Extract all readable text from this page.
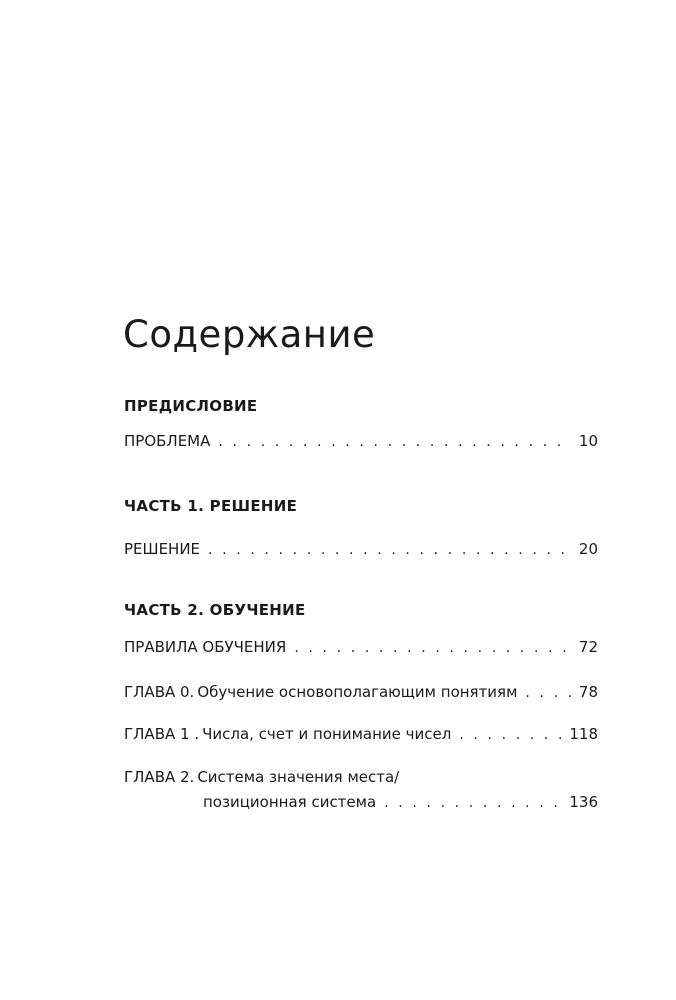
Содержание
ПРЕДИСЛОВИЕ
ПРОБЛЕМА . . .	10
ЧАСТЬ 1. РЕШЕНИЕ
РЕШЕНИЕ . . .	20
ЧАСТЬ 2. ОБУЧЕНИЕ
ПРАВИЛА ОБУЧЕНИЯ . . .	72
ГЛАВА 0. Обучение основополагающим понятиям . . .	78
ГЛАВА 1 . Числа, счет и понимание чисел . . .	118
ГЛАВА 2. Система значения места/
позиционная система . . .	136
